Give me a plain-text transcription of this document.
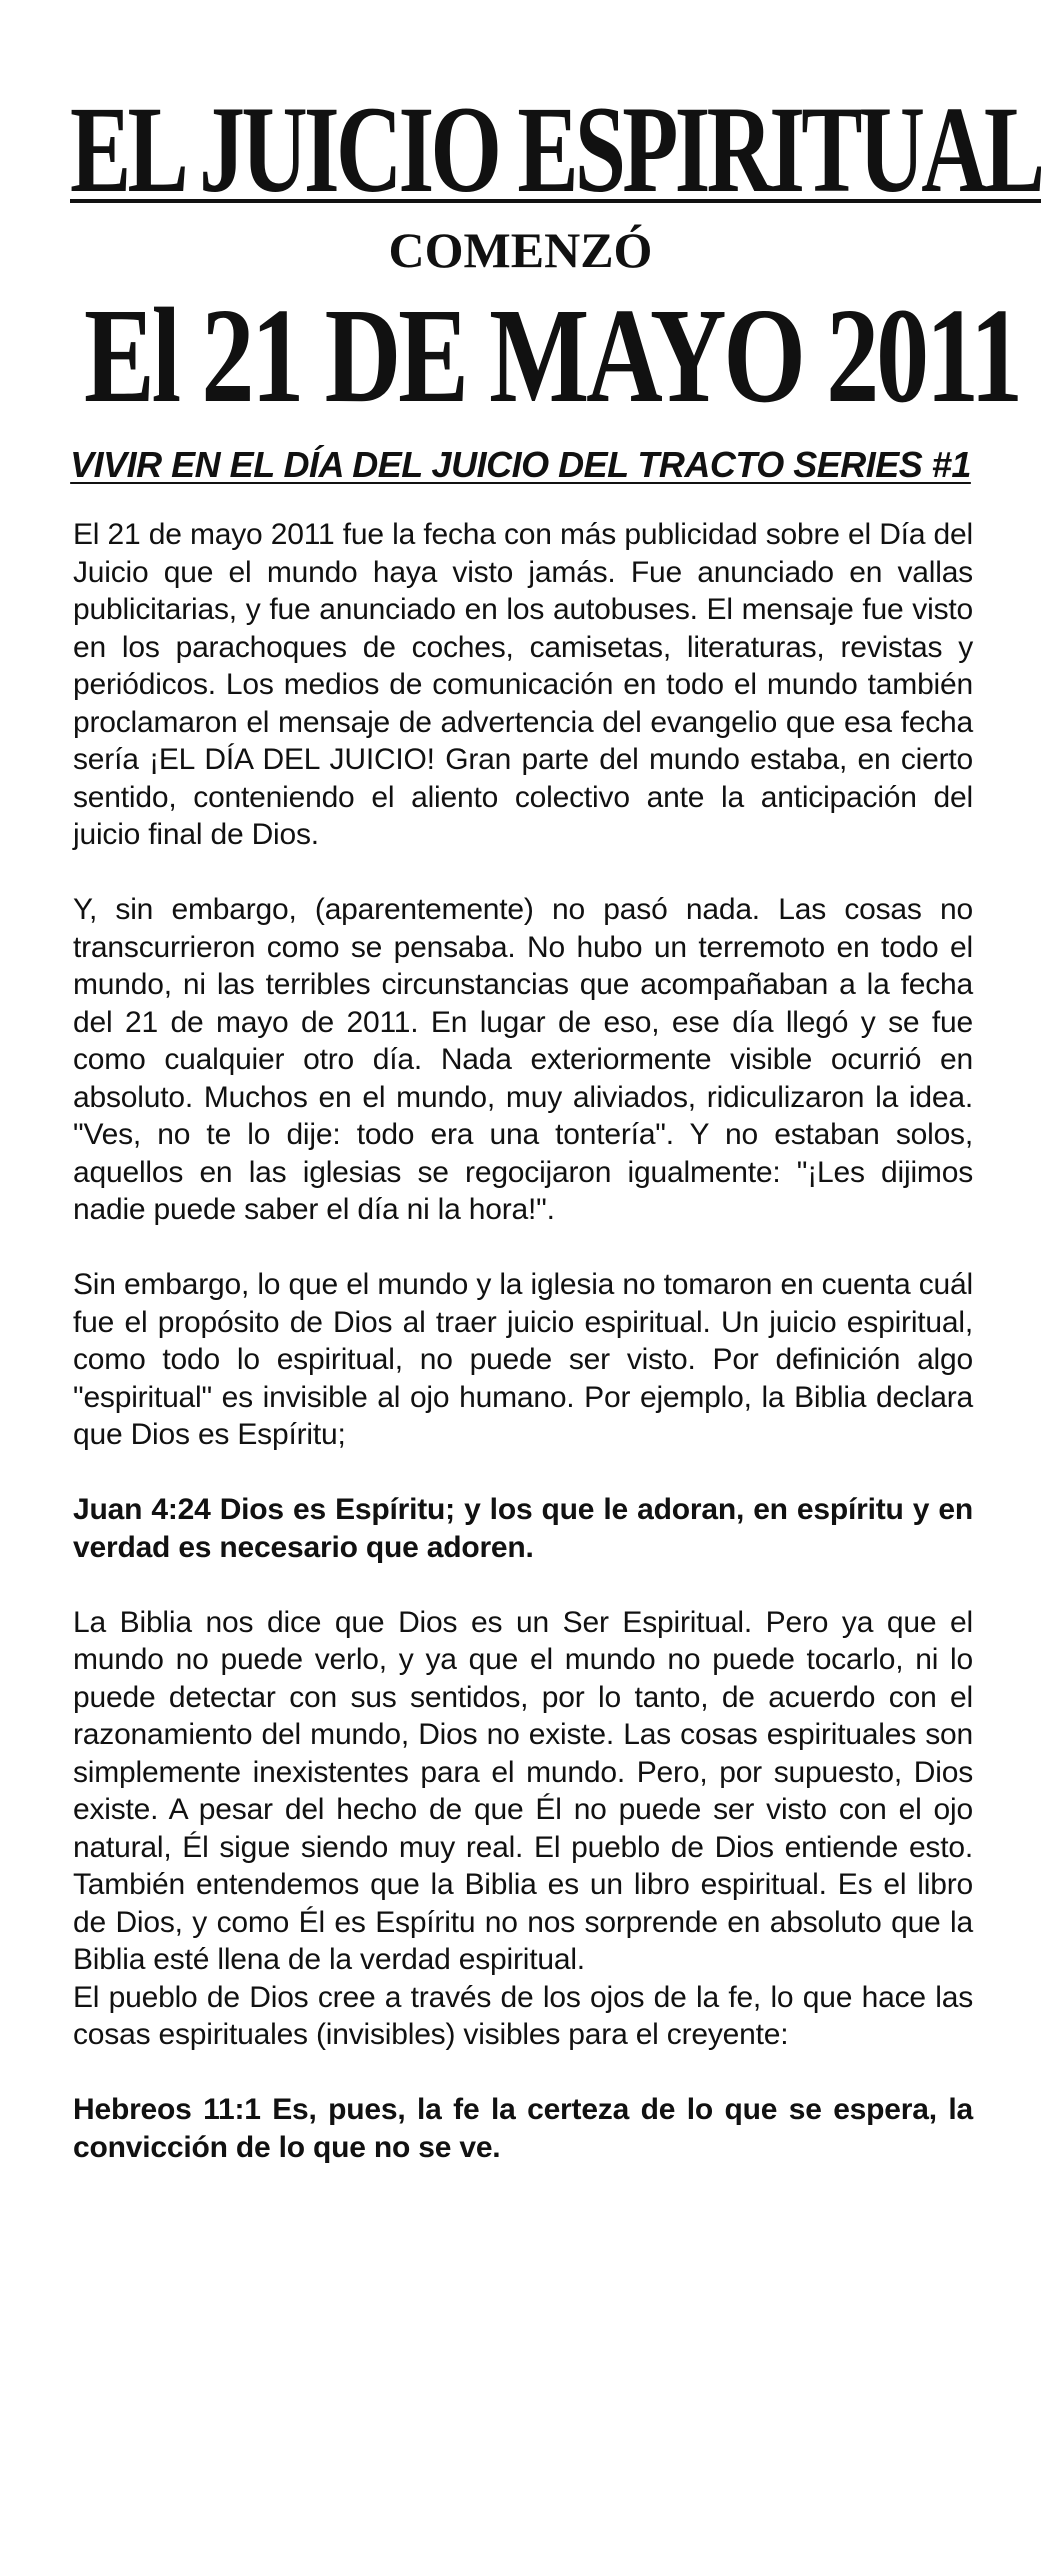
EL JUICIO ESPIRITUAL
COMENZÓ
El 21 DE MAYO 2011
VIVIR EN EL DÍA DEL JUICIO DEL TRACTO SERIES #1

El 21 de mayo 2011 fue la fecha con más publicidad sobre el Día del Juicio que el mundo haya visto jamás. Fue anunciado en vallas publicitarias, y fue anunciado en los autobuses. El mensaje fue visto en los parachoques de coches, camisetas, literaturas, revistas y periódicos. Los medios de comunicación en todo el mundo también proclamaron el mensaje de advertencia del evangelio que esa fecha sería ¡EL DÍA DEL JUICIO! Gran parte del mundo estaba, en cierto sentido, conteniendo el aliento colectivo ante la anticipación del juicio final de Dios.

Y, sin embargo, (aparentemente) no pasó nada. Las cosas no transcurrieron como se pensaba. No hubo un terremoto en todo el mundo, ni las terribles circunstancias que acompañaban a la fecha del 21 de mayo de 2011. En lugar de eso, ese día llegó y se fue como cualquier otro día. Nada exteriormente visible ocurrió en absoluto. Muchos en el mundo, muy aliviados, ridiculizaron la idea. "Ves, no te lo dije: todo era una tontería". Y no estaban solos, aquellos en las iglesias se regocijaron igualmente: "¡Les dijimos nadie puede saber el día ni la hora!".

Sin embargo, lo que el mundo y la iglesia no tomaron en cuenta cuál fue el propósito de Dios al traer juicio espiritual. Un juicio espiritual, como todo lo espiritual, no puede ser visto. Por definición algo "espiritual" es invisible al ojo humano. Por ejemplo, la Biblia declara que Dios es Espíritu;

Juan 4:24 Dios es Espíritu; y los que le adoran, en espíritu y en verdad es necesario que adoren.

La Biblia nos dice que Dios es un Ser Espiritual. Pero ya que el mundo no puede verlo, y ya que el mundo no puede tocarlo, ni lo puede detectar con sus sentidos, por lo tanto, de acuerdo con el razonamiento del mundo, Dios no existe. Las cosas espirituales son simplemente inexistentes para el mundo. Pero, por supuesto, Dios existe. A pesar del hecho de que Él no puede ser visto con el ojo natural, Él sigue siendo muy real. El pueblo de Dios entiende esto. También entendemos que la Biblia es un libro espiritual. Es el libro de Dios, y como Él es Espíritu no nos sorprende en absoluto que la Biblia esté llena de la verdad espiritual.

El pueblo de Dios cree a través de los ojos de la fe, lo que hace las cosas espirituales (invisibles) visibles para el creyente:

Hebreos 11:1 Es, pues, la fe la certeza de lo que se espera, la convicción de lo que no se ve.
